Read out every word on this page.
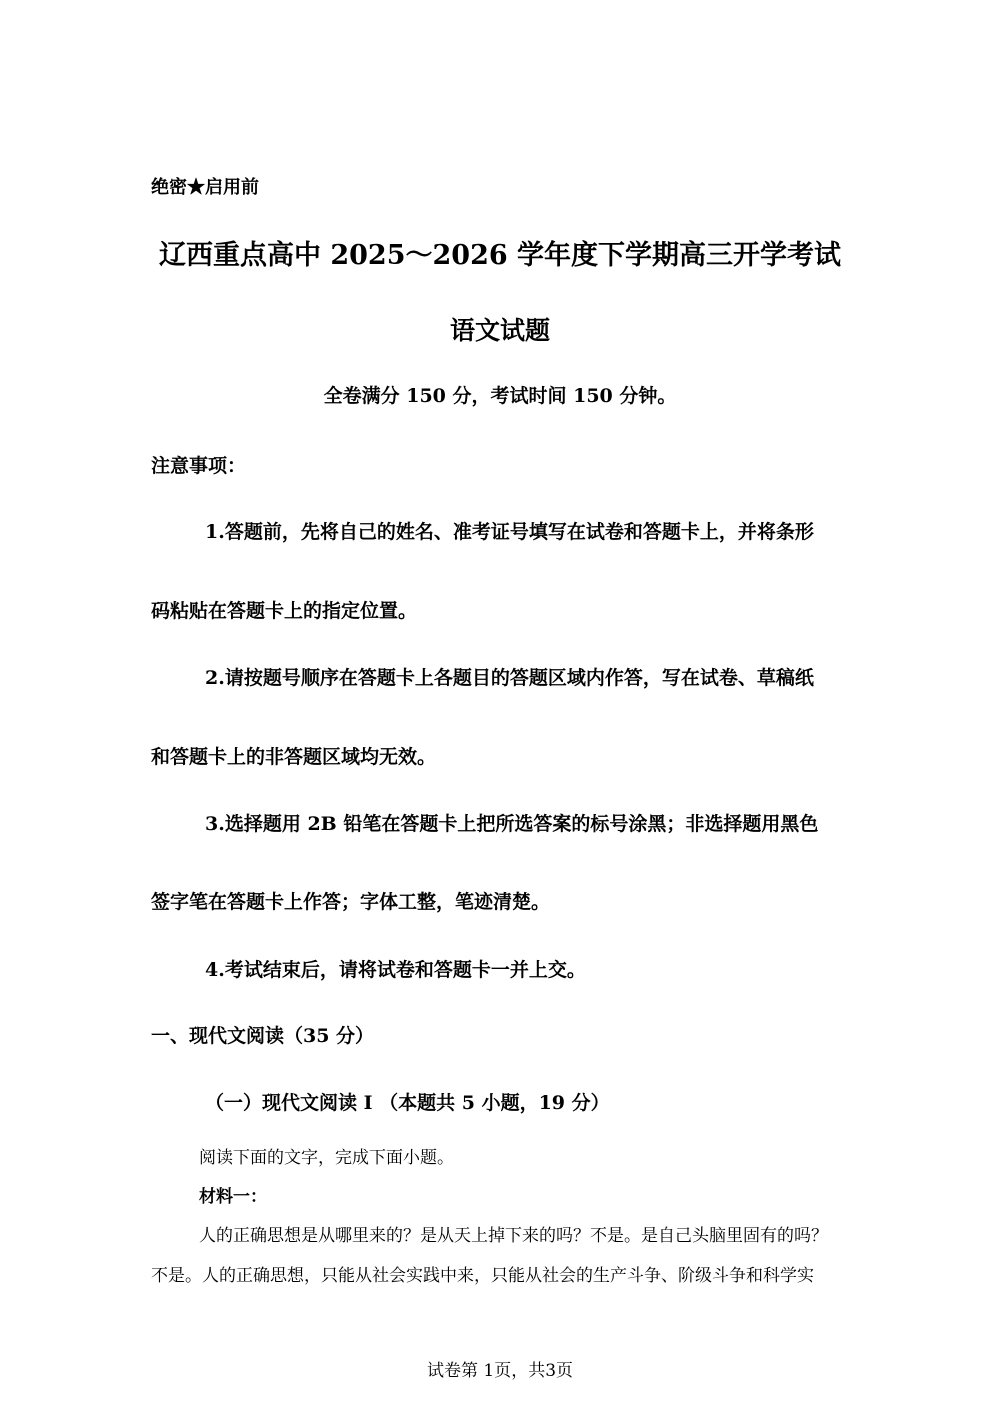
绝密★启用前

辽西重点高中 2025～2026 学年度下学期高三开学考试
语文试题

全卷满分 150 分，考试时间 150 分钟。

注意事项：

1.答题前，先将自己的姓名、准考证号填写在试卷和答题卡上，并将条形

码粘贴在答题卡上的指定位置。

2.请按题号顺序在答题卡上各题目的答题区域内作答，写在试卷、草稿纸

和答题卡上的非答题区域均无效。

3.选择题用 2B 铅笔在答题卡上把所选答案的标号涂黑；非选择题用黑色

签字笔在答题卡上作答；字体工整，笔迹清楚。

4.考试结束后，请将试卷和答题卡一并上交。

一、现代文阅读（35 分）

（一）现代文阅读 I （本题共 5 小题，19 分）

阅读下面的文字，完成下面小题。

材料一：

人的正确思想是从哪里来的？是从天上掉下来的吗？不是。是自己头脑里固有的吗？

不是。人的正确思想，只能从社会实践中来，只能从社会的生产斗争、阶级斗争和科学实

试卷第 1页，共3页
